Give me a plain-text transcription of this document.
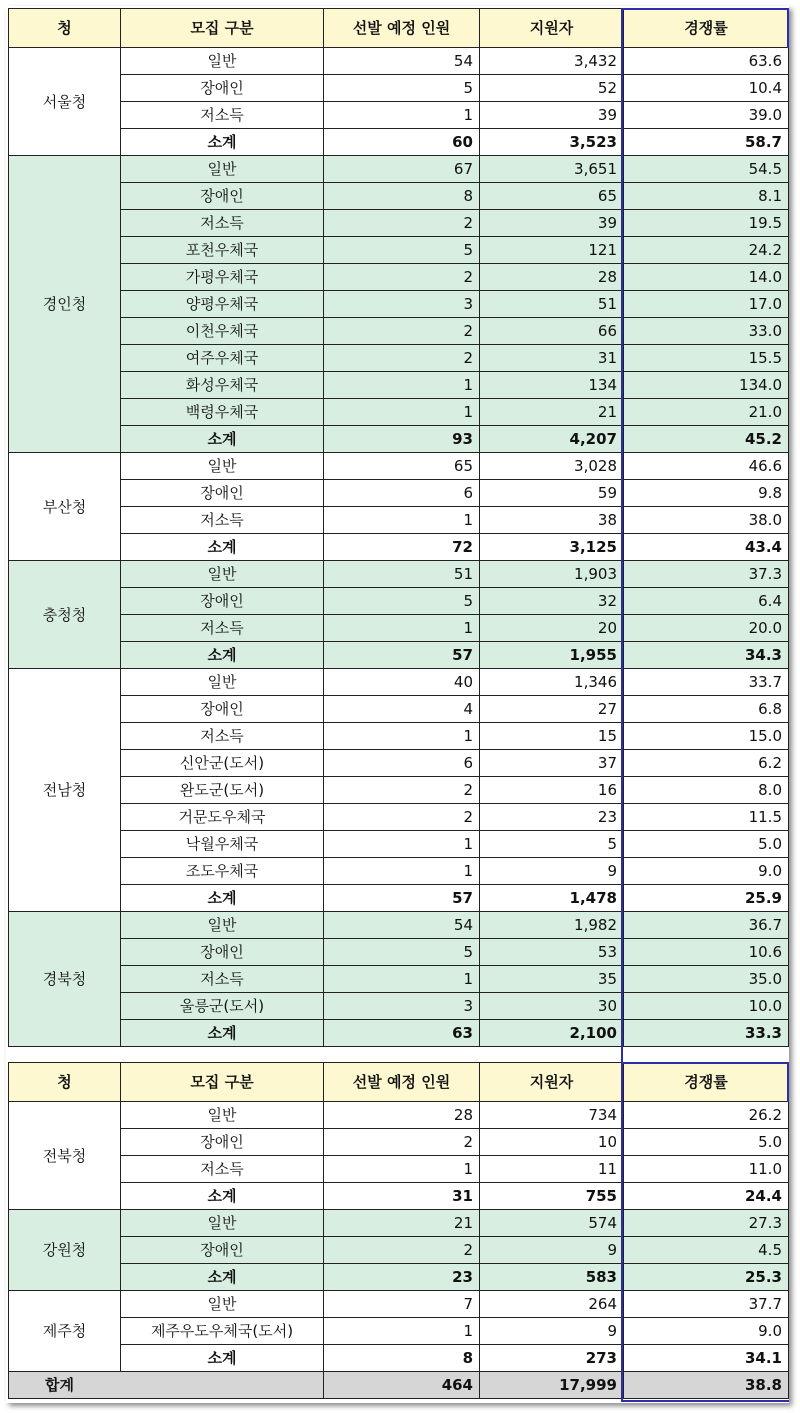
청	모집 구분	선발 예정 인원	지원자	경쟁률
서울청	일반	54	3,432	63.6
	장애인	5	52	10.4
	저소득	1	39	39.0
	소계	60	3,523	58.7
경인청	일반	67	3,651	54.5
	장애인	8	65	8.1
	저소득	2	39	19.5
	포천우체국	5	121	24.2
	가평우체국	2	28	14.0
	양평우체국	3	51	17.0
	이천우체국	2	66	33.0
	여주우체국	2	31	15.5
	화성우체국	1	134	134.0
	백령우체국	1	21	21.0
	소계	93	4,207	45.2
부산청	일반	65	3,028	46.6
	장애인	6	59	9.8
	저소득	1	38	38.0
	소계	72	3,125	43.4
충청청	일반	51	1,903	37.3
	장애인	5	32	6.4
	저소득	1	20	20.0
	소계	57	1,955	34.3
전남청	일반	40	1,346	33.7
	장애인	4	27	6.8
	저소득	1	15	15.0
	신안군(도서)	6	37	6.2
	완도군(도서)	2	16	8.0
	거문도우체국	2	23	11.5
	낙월우체국	1	5	5.0
	조도우체국	1	9	9.0
	소계	57	1,478	25.9
경북청	일반	54	1,982	36.7
	장애인	5	53	10.6
	저소득	1	35	35.0
	울릉군(도서)	3	30	10.0
	소계	63	2,100	33.3
청	모집 구분	선발 예정 인원	지원자	경쟁률
전북청	일반	28	734	26.2
	장애인	2	10	5.0
	저소득	1	11	11.0
	소계	31	755	24.4
강원청	일반	21	574	27.3
	장애인	2	9	4.5
	소계	23	583	25.3
제주청	일반	7	264	37.7
	제주우도우체국(도서)	1	9	9.0
	소계	8	273	34.1
합계		464	17,999	38.8
